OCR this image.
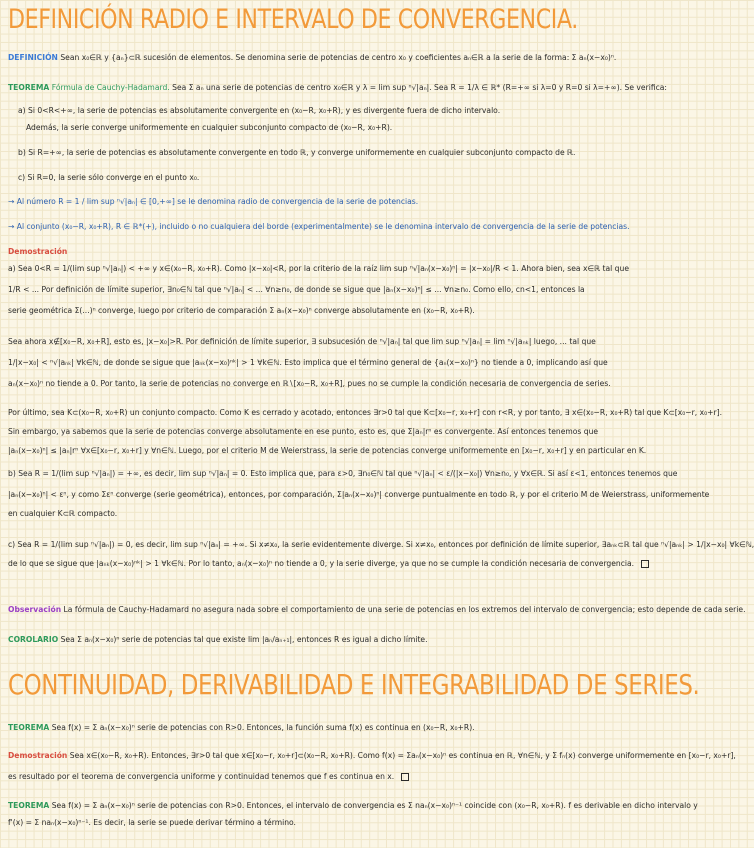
DEFINICIÓN RADIO E INTERVALO DE CONVERGENCIA.
DEFINICIÓN Sean x₀∈ℝ y {aₙ}⊂ℝ sucesión de elementos. Se denomina serie de potencias de centro x₀ y coeficientes aₙ∈ℝ a la serie de la forma: Σ aₙ(x−x₀)ⁿ.
TEOREMA Fórmula de Cauchy-Hadamard. Sea Σ aₙ una serie de potencias de centro x₀∈ℝ y λ = lim sup ⁿ√|aₙ|. Sea R = 1/λ ∈ ℝ* (R=+∞ si λ=0 y R=0 si λ=+∞). Se verifica:
a) Si 0<R<+∞, la serie de potencias es absolutamente convergente en (x₀−R, x₀+R), y es divergente fuera de dicho intervalo.
Además, la serie converge uniformemente en cualquier subconjunto compacto de (x₀−R, x₀+R).
b) Si R=+∞, la serie de potencias es absolutamente convergente en todo ℝ, y converge uniformemente en cualquier subconjunto compacto de ℝ.
c) Si R=0, la serie sólo converge en el punto x₀.
→ Al número R = 1 / lim sup ⁿ√|aₙ| ∈ [0,+∞] se le denomina radio de convergencia de la serie de potencias.
→ Al conjunto (x₀−R, x₀+R), R ∈ ℝ*(+), incluido o no cualquiera del borde (experimentalmente) se le denomina intervalo de convergencia de la serie de potencias.
Demostración
a) Sea 0<R = 1/(lim sup ⁿ√|aₙ|) < +∞ y x∈(x₀−R, x₀+R). Como |x−x₀|<R, por la criterio de la raíz lim sup ⁿ√|aₙ(x−x₀)ⁿ| = |x−x₀|/R < 1. Ahora bien, sea x∈ℝ tal que
1/R < ... Por definición de límite superior, ∃n₀∈ℕ tal que ⁿ√|aₙ| < ... ∀n≥n₀, de donde se sigue que |aₙ(x−x₀)ⁿ| ≤ ... ∀n≥n₀. Como ello, cn<1, entonces la
serie geométrica Σ(...)ⁿ converge, luego por criterio de comparación Σ aₙ(x−x₀)ⁿ converge absolutamente en (x₀−R, x₀+R).
Sea ahora x∉[x₀−R, x₀+R], esto es, |x−x₀|>R. Por definición de límite superior, ∃ subsucesión de ⁿ√|aₙ| tal que lim sup ⁿ√|aₙ| = lim ⁿ√|aₙₖ| luego, ... tal que
1/|x−x₀| < ⁿ√|aₙₖ| ∀k∈ℕ, de donde se sigue que |aₙₖ(x−x₀)ⁿᵏ| > 1 ∀k∈ℕ. Esto implica que el término general de {aₙ(x−x₀)ⁿ} no tiende a 0, implicando así que
aₙ(x−x₀)ⁿ no tiende a 0. Por tanto, la serie de potencias no converge en ℝ∖[x₀−R, x₀+R], pues no se cumple la condición necesaria de convergencia de series.
Por último, sea K⊂(x₀−R, x₀+R) un conjunto compacto. Como K es cerrado y acotado, entonces ∃r>0 tal que K⊂[x₀−r, x₀+r] con r<R, y por tanto, ∃ x∈(x₀−R, x₀+R) tal que K⊂[x₀−r, x₀+r].
Sin embargo, ya sabemos que la serie de potencias converge absolutamente en ese punto, esto es, que Σ|aₙ|rⁿ es convergente. Así entonces tenemos que
|aₙ(x−x₀)ⁿ| ≤ |aₙ|rⁿ ∀x∈[x₀−r, x₀+r] y ∀n∈ℕ. Luego, por el criterio M de Weierstrass, la serie de potencias converge uniformemente en [x₀−r, x₀+r] y en particular en K.
b) Sea R = 1/(lim sup ⁿ√|aₙ|) = +∞, es decir, lim sup ⁿ√|aₙ| = 0. Esto implica que, para ε>0, ∃n₀∈ℕ tal que ⁿ√|aₙ| < ε/(|x−x₀|) ∀n≥n₀, y ∀x∈ℝ. Si así ε<1, entonces tenemos que
|aₙ(x−x₀)ⁿ| < εⁿ, y como Σεⁿ converge (serie geométrica), entonces, por comparación, Σ|aₙ(x−x₀)ⁿ| converge puntualmente en todo ℝ, y por el criterio M de Weierstrass, uniformemente
en cualquier K⊂ℝ compacto.
c) Sea R = 1/(lim sup ⁿ√|aₙ|) = 0, es decir, lim sup ⁿ√|aₙ| = +∞. Si x≠x₀, la serie evidentemente diverge. Si x≠x₀, entonces por definición de límite superior, ∃aₙₖ⊂ℝ tal que ⁿ√|aₙₖ| > 1/|x−x₀| ∀k∈ℕ,
de lo que se sigue que |aₙₖ(x−x₀)ⁿᵏ| > 1 ∀k∈ℕ. Por lo tanto, aₙ(x−x₀)ⁿ no tiende a 0, y la serie diverge, ya que no se cumple la condición necesaria de convergencia.
Observación La fórmula de Cauchy-Hadamard no asegura nada sobre el comportamiento de una serie de potencias en los extremos del intervalo de convergencia; esto depende de cada serie.
COROLARIO Sea Σ aₙ(x−x₀)ⁿ serie de potencias tal que existe lim |aₙ/aₙ₊₁|, entonces R es igual a dicho límite.
CONTINUIDAD, DERIVABILIDAD E INTEGRABILIDAD DE SERIES.
TEOREMA Sea f(x) = Σ aₙ(x−x₀)ⁿ serie de potencias con R>0. Entonces, la función suma f(x) es continua en (x₀−R, x₀+R).
Demostración Sea x∈(x₀−R, x₀+R). Entonces, ∃r>0 tal que x∈[x₀−r, x₀+r]⊂(x₀−R, x₀+R). Como f(x) = Σaₙ(x−x₀)ⁿ es continua en ℝ, ∀n∈ℕ, y Σ fₙ(x) converge uniformemente en [x₀−r, x₀+r],
es resultado por el teorema de convergencia uniforme y continuidad tenemos que f es continua en x.
TEOREMA Sea f(x) = Σ aₙ(x−x₀)ⁿ serie de potencias con R>0. Entonces, el intervalo de convergencia es Σ naₙ(x−x₀)ⁿ⁻¹ coincide con (x₀−R, x₀+R). f es derivable en dicho intervalo y
f'(x) = Σ naₙ(x−x₀)ⁿ⁻¹. Es decir, la serie se puede derivar término a término.
